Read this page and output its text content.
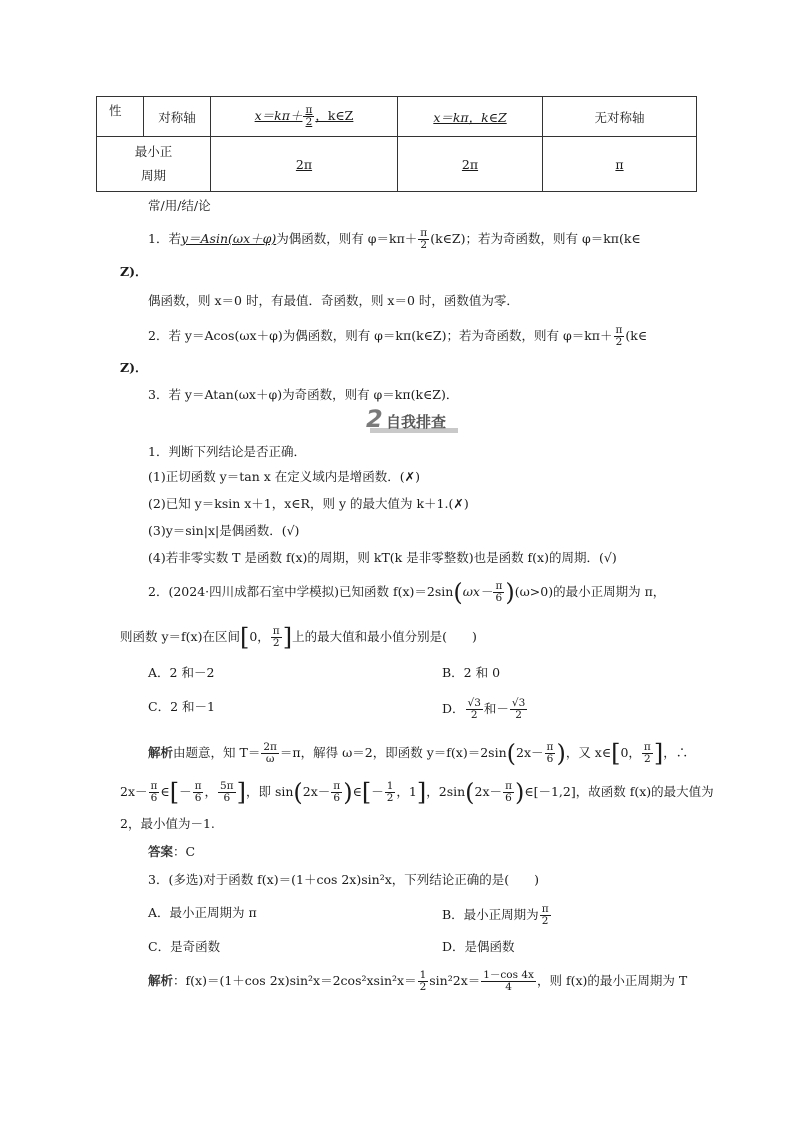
性	对称轴	$x=k\pi+ \frac{\pi}{2}$ ，k∈Z	x＝kπ，k∈Z	无对称轴

最小正
周期		2π	2π	π
常/用/结/论
1．若y＝Asin(ωx＋φ)为偶函数，则有 $\varphi=k\pi+ \frac{\pi}{2}$ (k∈Z)；若为奇函数，则有 φ＝kπ(k∈
Z)．
偶函数，则 x＝0 时，有最值．奇函数，则 x＝0 时，函数值为零．
2．若 y＝Acos(ωx＋φ)为偶函数，则有 φ＝kπ(k∈Z)；若为奇函数，则有 $\varphi=k\pi+ \frac{\pi}{2}$ (k∈
Z)．
3．若 y＝Atan(ωx＋φ)为奇函数，则有 φ＝kπ(k∈Z)．
2 自我排查
1．判断下列结论是否正确．
(1)正切函数 y＝tan x 在定义域内是增函数．(✗)
(2)已知 y＝ksin x＋1，x∈R，则 y 的最大值为 k＋1.(✗)
(3)y＝sin|x|是偶函数．(√)
(4)若非零实数 T 是函数 f(x)的周期，则 kT(k 是非零整数)也是函数 f(x)的周期．(√)
2．(2024·四川成都石室中学模拟)已知函数 $f(x)=2\sin(\omega x- \frac{\pi}{6} )(\omega>0)$的最小正周期为 π，
则函数 y＝f(x)在区间[0， $\frac{\pi}{2}$ ]上的最大值和最小值分别是(　　)
A．2 和－2	B．2 和 0
C．2 和－1	D． $\frac{√3}{2}$ 和－ $\frac{√3}{2}$
解析由题意，知 $T= \frac{2\pi}{\omega} =\pi$，解得 ω＝2，即函数 $y=f(x)=2\sin(2x- \frac{\pi}{6}$ )，又 x∈[0， $\frac{\pi}{2}$ ]，∴
$2x- \frac{\pi}{6}$ ∈[－ $\frac{\pi}{6}$ ， $\frac{5\pi}{6}$ ]，即 $\sin(2x- \frac{\pi}{6}$ )∈[－ $\frac{1}{2}$ ，1]，$2\sin(2x- \frac{\pi}{6}$ )∈[－1,2]，故函数 f(x)的最大值为
2，最小值为－1.
答案：C
3．(多选)对于函数 f(x)＝(1＋cos 2x)sin²x，下列结论正确的是(　　)
A．最小正周期为 π	B．最小正周期为 $\frac{\pi}{2}$
C．是奇函数	D．是偶函数
解析：f(x)＝(1＋cos $2x)\sin^2x=2\cos^2xsin^2x= \frac{1}{2} \sin^22x= \frac{1-\cos 4x}{4}$ ，则 f(x)的最小正周期为 T
